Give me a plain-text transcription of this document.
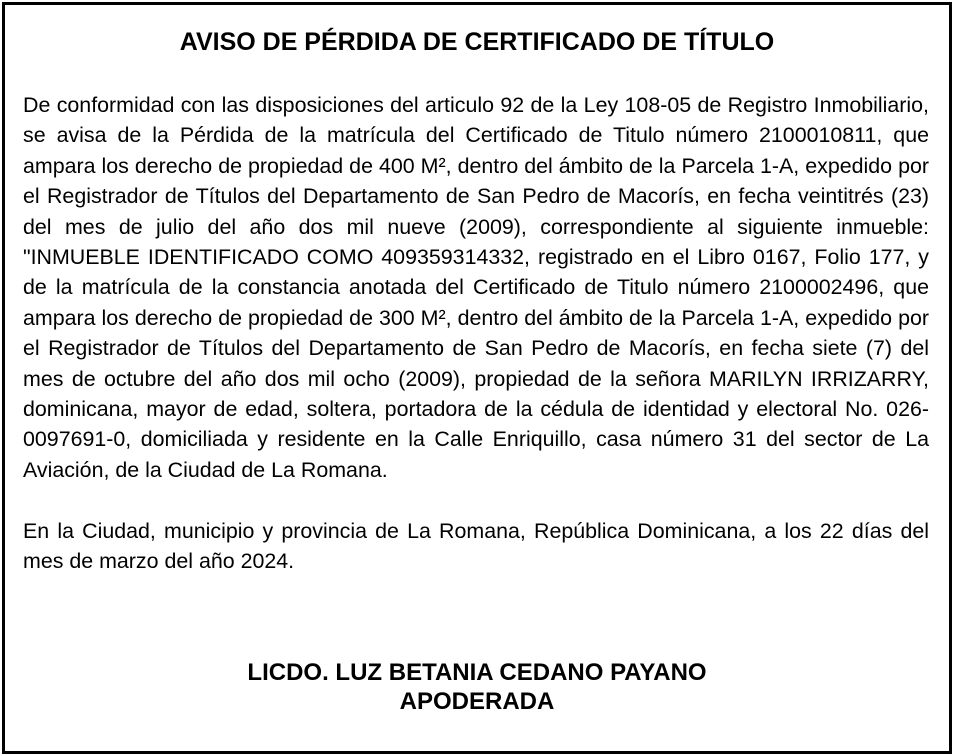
AVISO DE PÉRDIDA DE CERTIFICADO DE TÍTULO

De conformidad con las disposiciones del articulo 92 de la Ley 108-05 de Registro Inmobiliario, se avisa de la Pérdida de la matrícula del Certificado de Titulo número 2100010811, que ampara los derecho de propiedad de 400 M², dentro del ámbito de la Parcela 1-A, expedido por el Registrador de Títulos del Departamento de San Pedro de Macorís, en fecha veintitrés (23) del mes de julio del año dos mil nueve (2009), correspondiente al siguiente inmueble: "INMUEBLE IDENTIFICADO COMO 409359314332, registrado en el Libro 0167, Folio 177, y de la matrícula de la constancia anotada del Certificado de Titulo número 2100002496, que ampara los derecho de propiedad de 300 M², dentro del ámbito de la Parcela 1-A, expedido por el Registrador de Títulos del Departamento de San Pedro de Macorís, en fecha siete (7) del mes de octubre del año dos mil ocho (2009), propiedad de la señora MARILYN IRRIZARRY, dominicana, mayor de edad, soltera, portadora de la cédula de identidad y electoral No. 026-0097691-0, domiciliada y residente en la Calle Enriquillo, casa número 31 del sector de La Aviación, de la Ciudad de La Romana.

En la Ciudad, municipio y provincia de La Romana, República Dominicana, a los 22 días del mes de marzo del año 2024.

LICDO. LUZ BETANIA CEDANO PAYANO
APODERADA
